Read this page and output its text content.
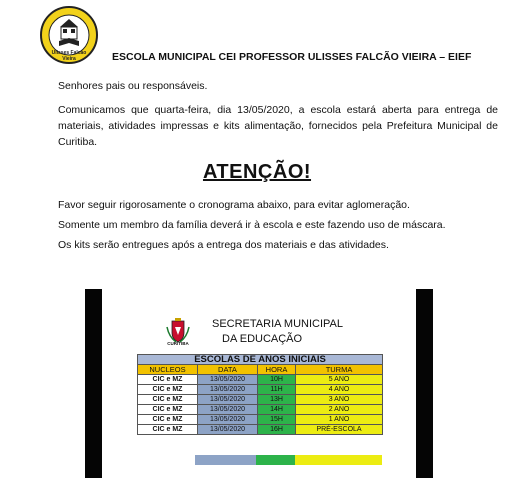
Ulisses Falcão Vieira	ESCOLA MUNICIPAL CEI PROFESSOR ULISSES FALCÃO VIEIRA – EIEF

Senhores pais ou responsáveis.

Comunicamos que quarta-feira, dia 13/05/2020, a escola estará aberta para entrega de materiais, atividades impressas e kits alimentação, fornecidos pela Prefeitura Municipal de Curitiba.

ATENÇÃO!

Favor seguir rigorosamente o cronograma abaixo, para evitar aglomeração.

Somente um membro da família deverá ir à escola e este fazendo uso de máscara.

Os kits serão entregues após a entrega dos materiais e das atividades.

CURITIBA
SECRETARIA MUNICIPAL
DA EDUCAÇÃO
ESCOLAS DE ANOS INICIAIS			
NUCLEOS	DATA	HORA	TURMA
CIC e MZ	13/05/2020	10H	5 ANO
CIC e MZ	13/05/2020	11H	4 ANO
CIC e MZ	13/05/2020	13H	3 ANO
CIC e MZ	13/05/2020	14H	2 ANO
CIC e MZ	13/05/2020	15H	1 ANO
CIC e MZ	13/05/2020	16H	PRÉ-ESCOLA
